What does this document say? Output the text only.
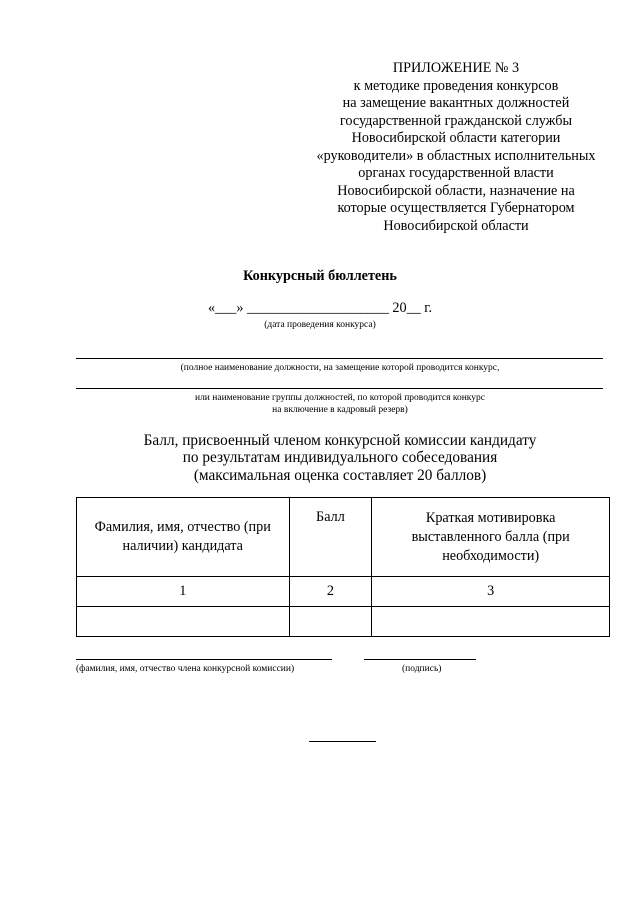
ПРИЛОЖЕНИЕ № 3
к методике проведения конкурсов
на замещение вакантных должностей
государственной гражданской службы
Новосибирской области категории
«руководители» в областных исполнительных
органах государственной власти
Новосибирской области, назначение на
которые осуществляется Губернатором
Новосибирской области
Конкурсный бюллетень
«___» ____________________ 20__ г.
(дата проведения конкурса)
(полное наименование должности, на замещение которой проводится конкурс,
или наименование группы должностей, по которой проводится конкурс
на включение в кадровый резерв)
Балл, присвоенный членом конкурсной комиссии кандидату
по результатам индивидуального собеседования
(максимальная оценка составляет 20 баллов)
Фамилия, имя, отчество (при наличии) кандидата	Балл	Краткая мотивировка выставленного балла (при необходимости)
1	2	3

(фамилия, имя, отчество члена конкурсной комиссии)	(подпись)
